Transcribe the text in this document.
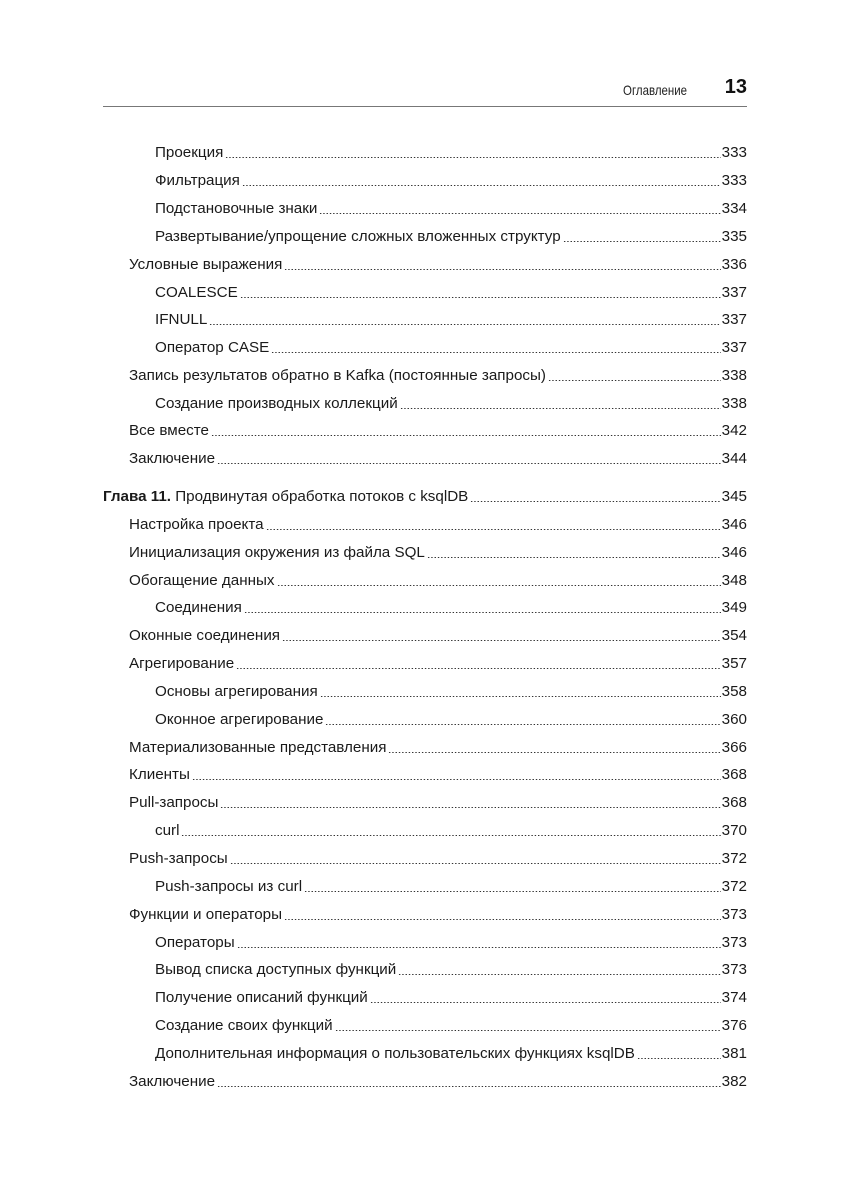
Оглавление 13
Проекция	333
Фильтрация	333
Подстановочные знаки	334
Развертывание/упрощение сложных вложенных структур	335
Условные выражения	336
COALESCE	337
IFNULL	337
Оператор CASE	337
Запись результатов обратно в Kafka (постоянные запросы)	338
Создание производных коллекций	338
Все вместе	342
Заключение	344
Глава 11. Продвинутая обработка потоков с ksqlDB	345
Настройка проекта	346
Инициализация окружения из файла SQL	346
Обогащение данных	348
Соединения	349
Оконные соединения	354
Агрегирование	357
Основы агрегирования	358
Оконное агрегирование	360
Материализованные представления	366
Клиенты	368
Pull-запросы	368
curl	370
Push-запросы	372
Push-запросы из curl	372
Функции и операторы	373
Операторы	373
Вывод списка доступных функций	373
Получение описаний функций	374
Создание своих функций	376
Дополнительная информация о пользовательских функциях ksqlDB	381
Заключение	382
